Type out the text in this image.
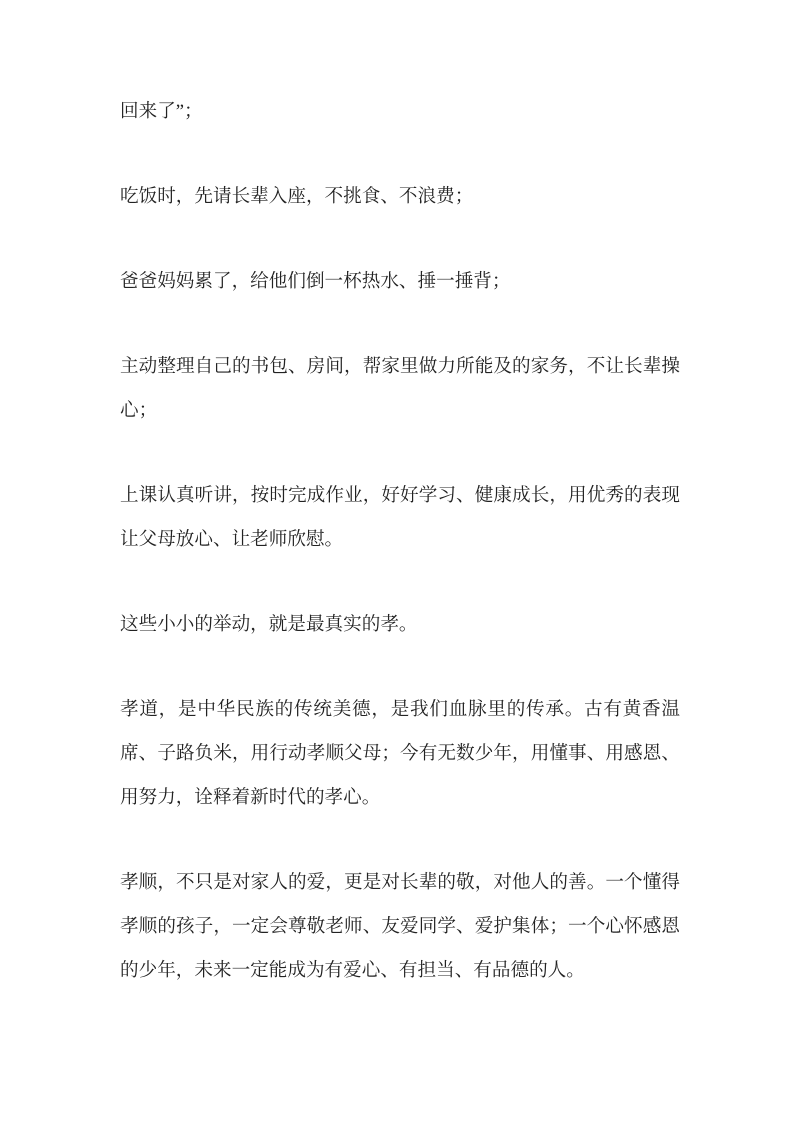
回来了”；

吃饭时，先请长辈入座，不挑食、不浪费；

爸爸妈妈累了，给他们倒一杯热水、捶一捶背；

主动整理自己的书包、房间，帮家里做力所能及的家务，不让长辈操心；

上课认真听讲，按时完成作业，好好学习、健康成长，用优秀的表现让父母放心、让老师欣慰。

这些小小的举动，就是最真实的孝。

孝道，是中华民族的传统美德，是我们血脉里的传承。古有黄香温席、子路负米，用行动孝顺父母；今有无数少年，用懂事、用感恩、用努力，诠释着新时代的孝心。

孝顺，不只是对家人的爱，更是对长辈的敬，对他人的善。一个懂得孝顺的孩子，一定会尊敬老师、友爱同学、爱护集体；一个心怀感恩的少年，未来一定能成为有爱心、有担当、有品德的人。
